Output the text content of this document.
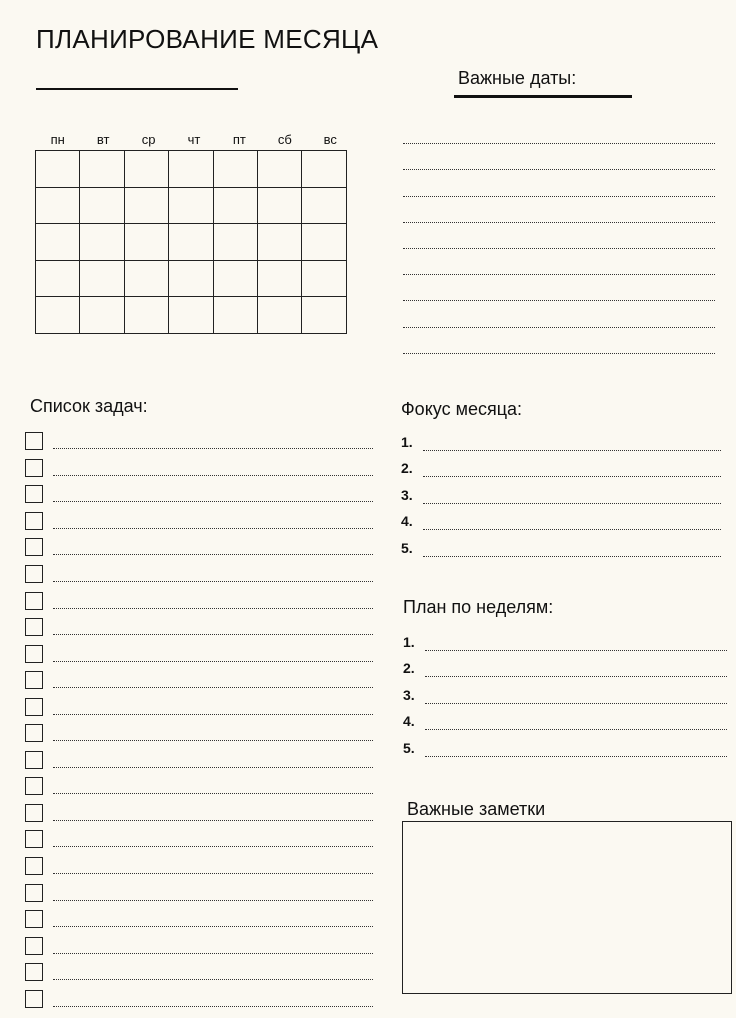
ПЛАНИРОВАНИЕ МЕСЯЦА
Важные даты:
пн	вт	ср	чт	пт	сб	вс

Список задач:	Фокус месяца:
1.
2.
3.
4.
5.
План по неделям:
1.
2.
3.
4.
5.
Важные заметки
